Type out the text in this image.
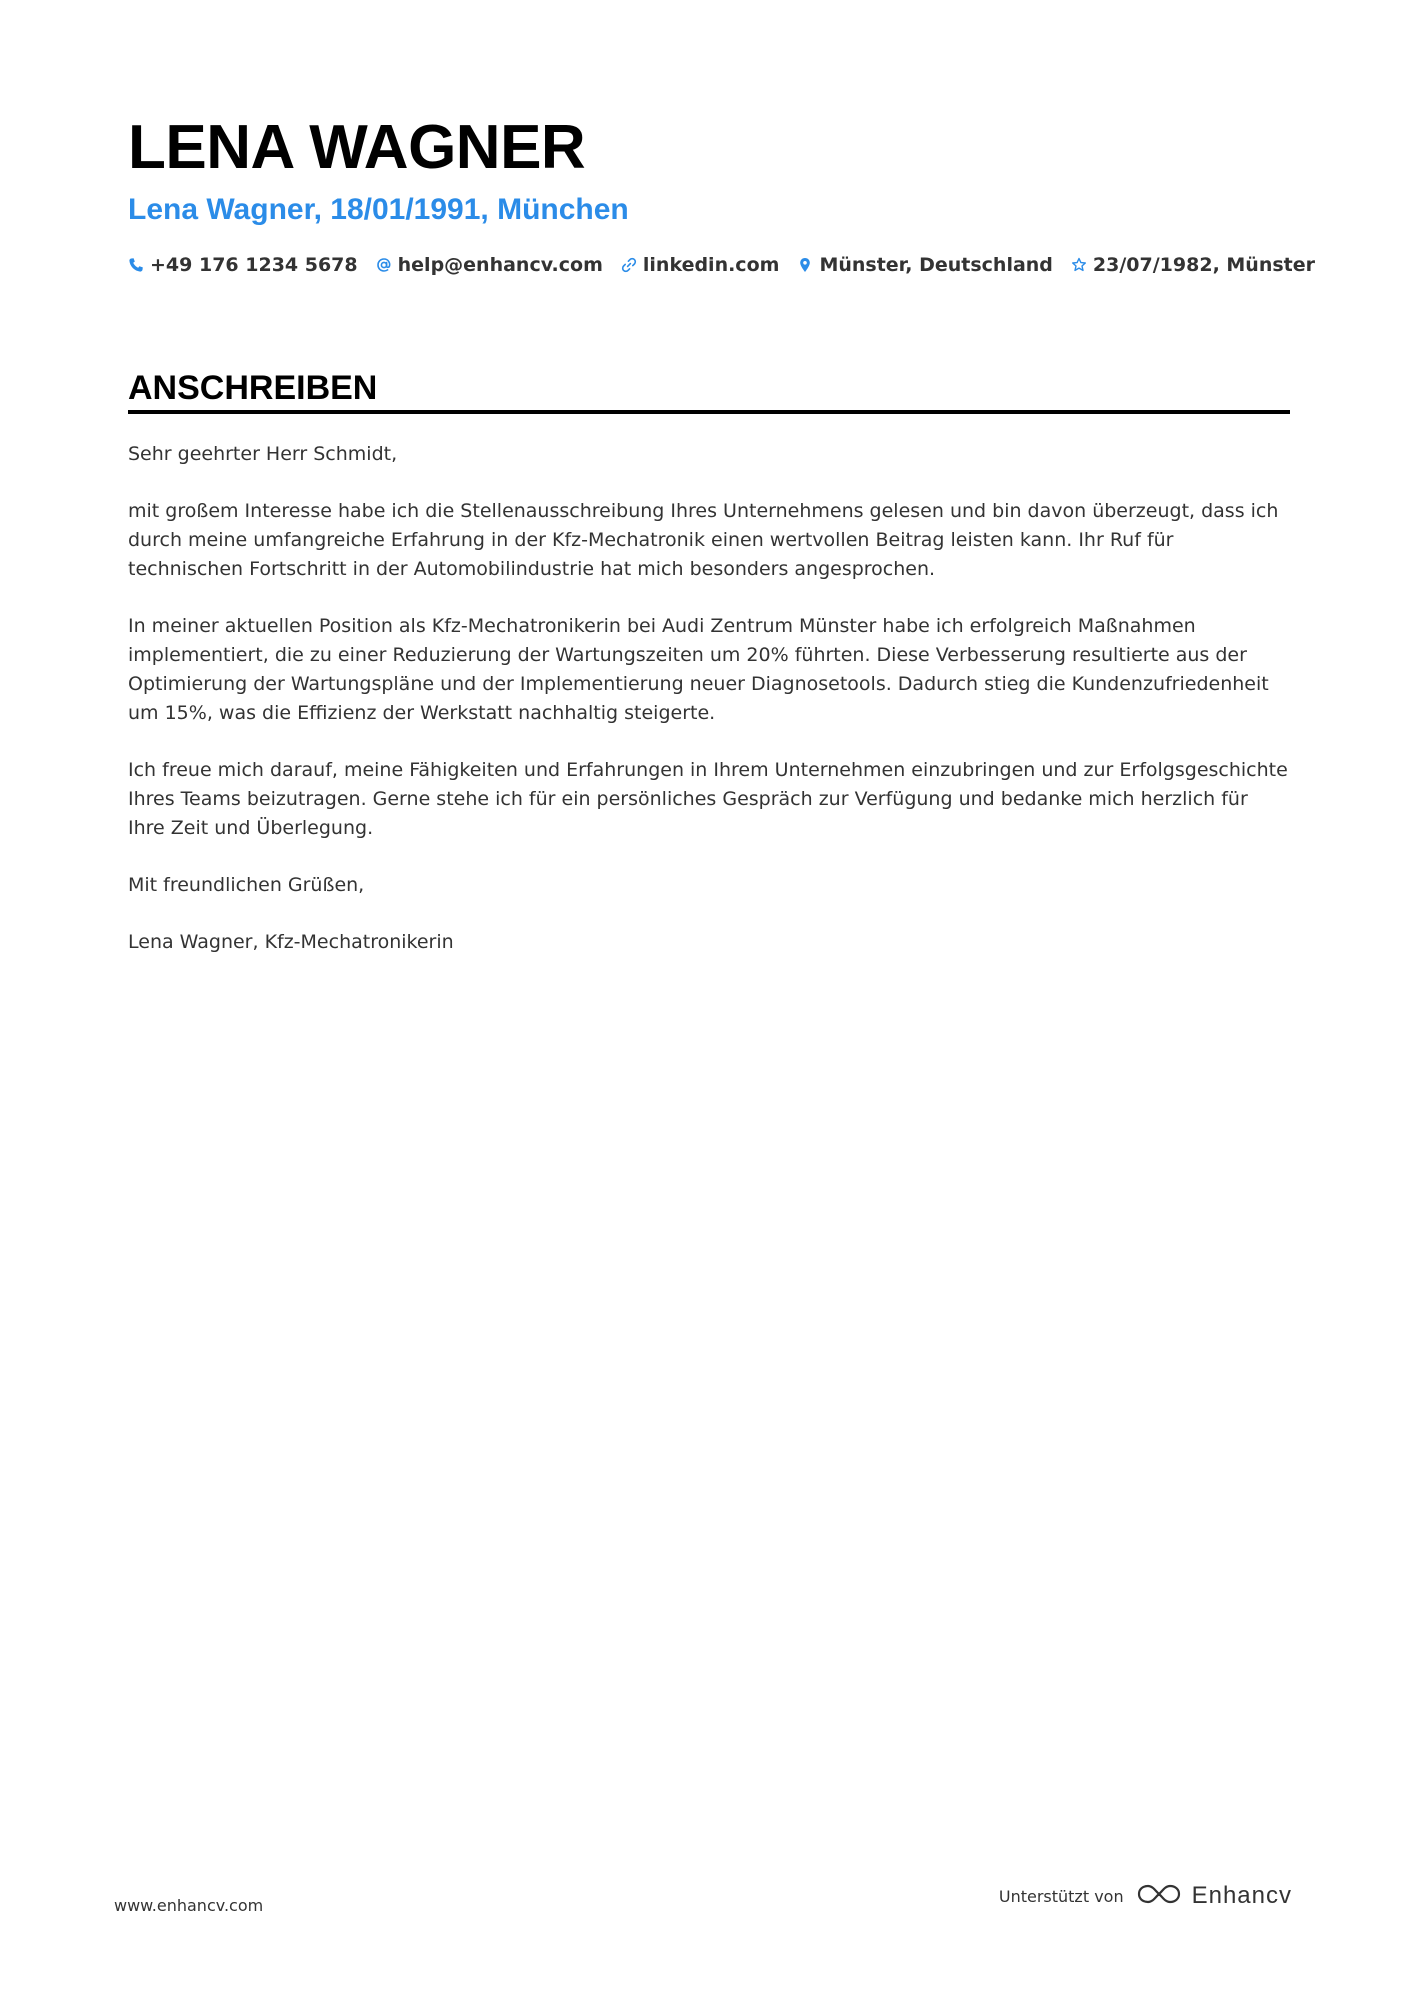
LENA WAGNER
Lena Wagner, 18/01/1991, München
+49 176 1234 5678 help@enhancv.com linkedin.com Münster, Deutschland 23/07/1982, Münster
ANSCHREIBEN

Sehr geehrter Herr Schmidt,

mit großem Interesse habe ich die Stellenausschreibung Ihres Unternehmens gelesen und bin davon überzeugt, dass ich durch meine umfangreiche Erfahrung in der Kfz-Mechatronik einen wertvollen Beitrag leisten kann. Ihr Ruf für technischen Fortschritt in der Automobilindustrie hat mich besonders angesprochen.

In meiner aktuellen Position als Kfz-Mechatronikerin bei Audi Zentrum Münster habe ich erfolgreich Maßnahmen implementiert, die zu einer Reduzierung der Wartungszeiten um 20% führten. Diese Verbesserung resultierte aus der Optimierung der Wartungspläne und der Implementierung neuer Diagnosetools. Dadurch stieg die Kundenzufriedenheit um 15%, was die Effizienz der Werkstatt nachhaltig steigerte.

Ich freue mich darauf, meine Fähigkeiten und Erfahrungen in Ihrem Unternehmen einzubringen und zur Erfolgsgeschichte Ihres Teams beizutragen. Gerne stehe ich für ein persönliches Gespräch zur Verfügung und bedanke mich herzlich für Ihre Zeit und Überlegung.

Mit freundlichen Grüßen,

Lena Wagner, Kfz-Mechatronikerin

www.enhancv.com	Unterstützt von	Enhancv
